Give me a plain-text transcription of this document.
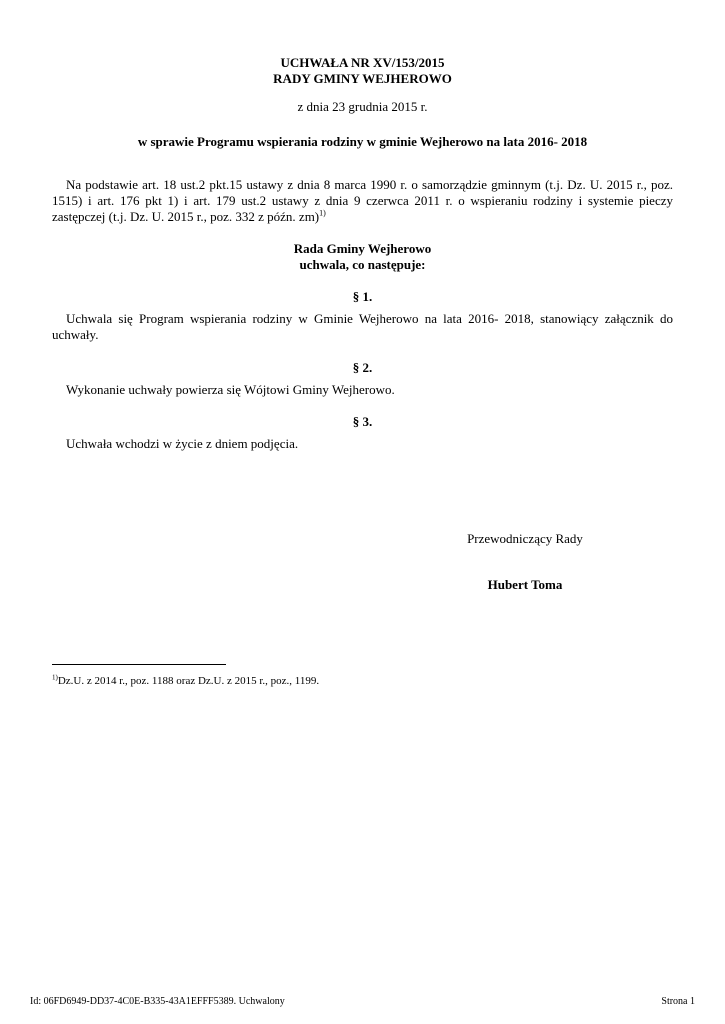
UCHWAŁA NR XV/153/2015
RADY GMINY WEJHEROWO
z dnia 23 grudnia 2015 r.
w sprawie Programu wspierania rodziny w gminie Wejherowo na lata 2016- 2018
Na podstawie art. 18 ust.2 pkt.15 ustawy z dnia 8 marca 1990 r. o samorządzie gminnym (t.j. Dz. U. 2015 r., poz. 1515) i art. 176 pkt 1) i art. 179 ust.2 ustawy z dnia 9 czerwca 2011 r. o wspieraniu rodziny i systemie pieczy zastępczej (t.j. Dz. U. 2015 r., poz. 332 z późn. zm)$^{1)}$
Rada Gminy Wejherowo
uchwala, co następuje:
§ 1.
Uchwala się Program wspierania rodziny w Gminie Wejherowo na lata 2016- 2018, stanowiący załącznik do uchwały.
§ 2.
Wykonanie uchwały powierza się Wójtowi Gminy Wejherowo.
§ 3.
Uchwała wchodzi w życie z dniem podjęcia.
Przewodniczący Rady
Hubert Toma
$^{1)}$Dz.U. z 2014 r., poz. 1188 oraz Dz.U. z 2015 r., poz., 1199.
Id: 06FD6949-DD37-4C0E-B335-43A1EFFF5389. Uchwalony	Strona 1
